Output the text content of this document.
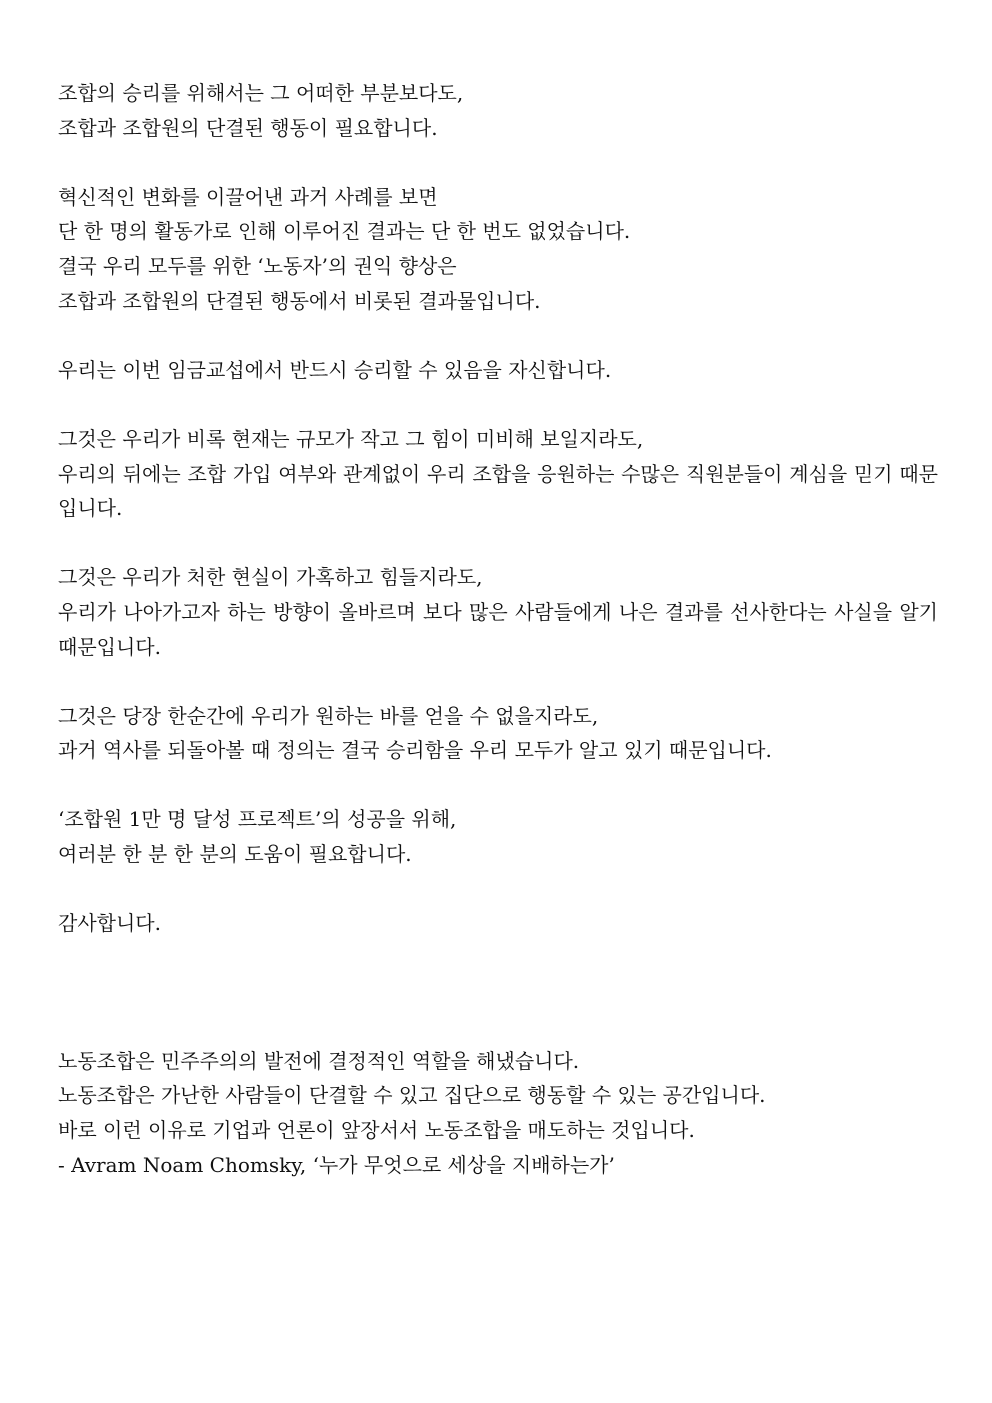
조합의 승리를 위해서는 그 어떠한 부분보다도,
조합과 조합원의 단결된 행동이 필요합니다.

혁신적인 변화를 이끌어낸 과거 사례를 보면
단 한 명의 활동가로 인해 이루어진 결과는 단 한 번도 없었습니다.
결국 우리 모두를 위한 ‘노동자’의 권익 향상은
조합과 조합원의 단결된 행동에서 비롯된 결과물입니다.

우리는 이번 임금교섭에서 반드시 승리할 수 있음을 자신합니다.

그것은 우리가 비록 현재는 규모가 작고 그 힘이 미비해 보일지라도,
우리의 뒤에는 조합 가입 여부와 관계없이 우리 조합을 응원하는 수많은 직원분들이 계심을 믿기 때문입니다.
그것은 우리가 처한 현실이 가혹하고 힘들지라도,
우리가 나아가고자 하는 방향이 올바르며 보다 많은 사람들에게 나은 결과를 선사한다는 사실을 알기 때문입니다.

그것은 당장 한순간에 우리가 원하는 바를 얻을 수 없을지라도,
과거 역사를 되돌아볼 때 정의는 결국 승리함을 우리 모두가 알고 있기 때문입니다.

‘조합원 1만 명 달성 프로젝트’의 성공을 위해,
여러분 한 분 한 분의 도움이 필요합니다.

감사합니다.

노동조합은 민주주의의 발전에 결정적인 역할을 해냈습니다.
노동조합은 가난한 사람들이 단결할 수 있고 집단으로 행동할 수 있는 공간입니다.
바로 이런 이유로 기업과 언론이 앞장서서 노동조합을 매도하는 것입니다.
- Avram Noam Chomsky, ‘누가 무엇으로 세상을 지배하는가’
